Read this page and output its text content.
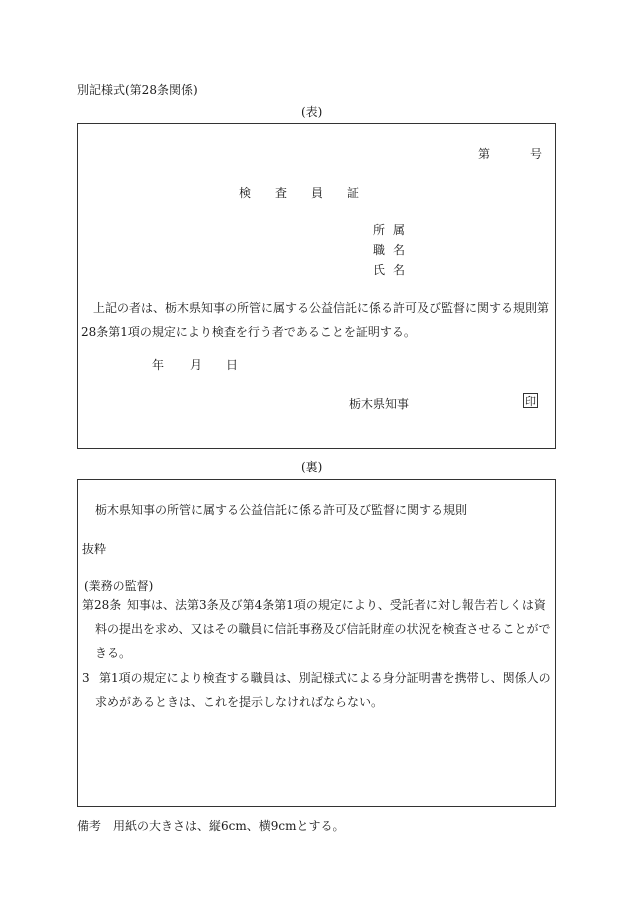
別記様式(第28条関係)
(表)
第	号
検　　査　　員　　証
所属
職名
氏名
上記の者は、栃木県知事の所管に属する公益信託に係る許可及び監督に関する規則第28条第1項の規定により検査を行う者であることを証明する。
年 月 日
栃木県知事	印
(裏)
栃木県知事の所管に属する公益信託に係る許可及び監督に関する規則
抜粋
(業務の監督)
第28条 知事は、法第3条及び第4条第1項の規定により、受託者に対し報告若しくは資料の提出を求め、又はその職員に信託事務及び信託財産の状況を検査させることができる。
3 第1項の規定により検査する職員は、別記様式による身分証明書を携帯し、関係人の求めがあるときは、これを提示しなければならない。
備考 用紙の大きさは、縦6cm、横9cmとする。
